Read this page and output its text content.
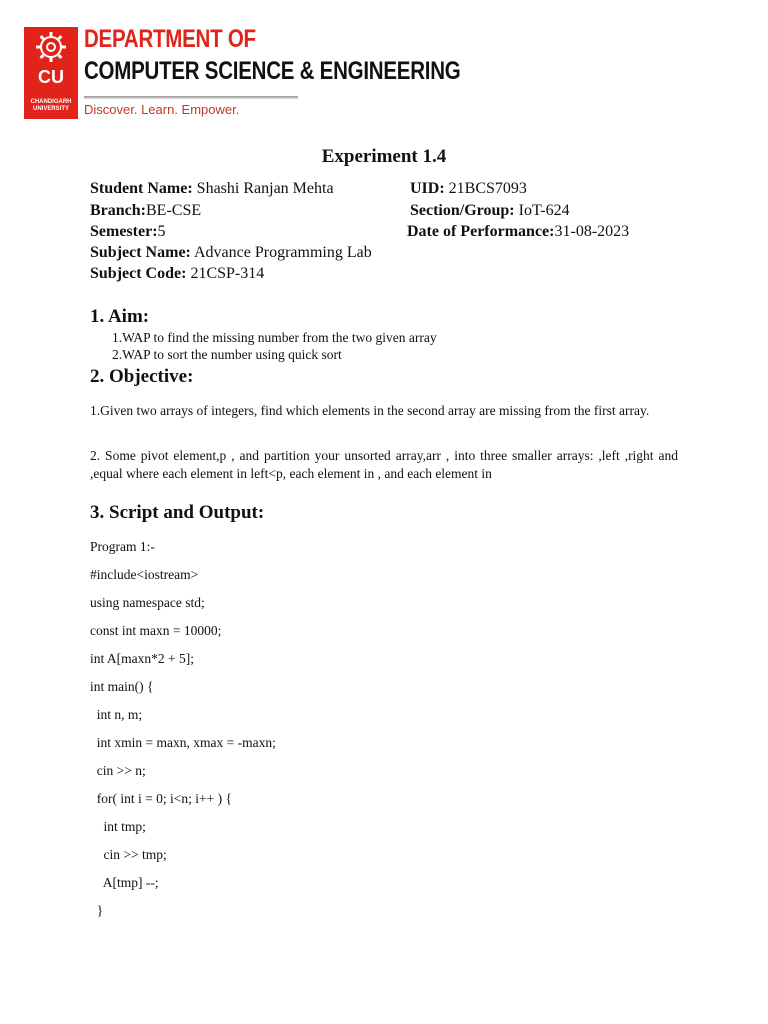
CU
CHANDIGARH UNIVERSITY
DEPARTMENT OF
COMPUTER SCIENCE & ENGINEERING
Discover. Learn. Empower.
Experiment 1.4
Student Name: Shashi Ranjan Mehta	UID: 21BCS7093
Branch:BE-CSE	Section/Group: IoT-624
Semester:5	Date of Performance:31-08-2023
Subject Name: Advance Programming Lab
Subject Code: 21CSP-314
1. Aim:
1.WAP to find the missing number from the two given array
2.WAP to sort the number using quick sort
2. Objective:
1.Given two arrays of integers, find which elements in the second array are missing from the first array.
2. Some pivot element,p , and partition your unsorted array,arr , into three smaller arrays: ,left ,right and ,equal where each element in left<p, each element in , and each element in
3. Script and Output:
Program 1:-
#include<iostream>
using namespace std;
const int maxn = 10000;
int A[maxn*2 + 5];
int main() {
int n, m;
int xmin = maxn, xmax = -maxn;
cin >> n;
for( int i = 0; i<n; i++ ) {
int tmp;
cin >> tmp;
A[tmp] --;
}
